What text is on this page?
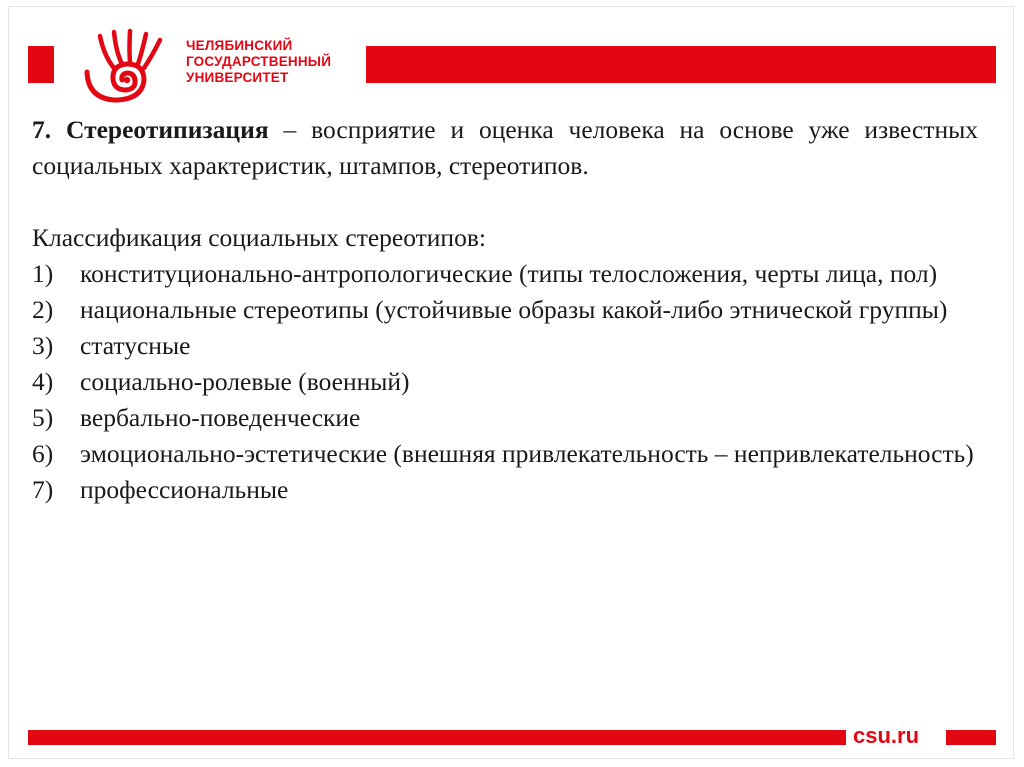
ЧЕЛЯБИНСКИЙ
ГОСУДАРСТВЕННЫЙ
УНИВЕРСИТЕТ

7. Стереотипизация – восприятие и оценка человека на основе уже известных социальных характеристик, штампов, стереотипов.

Классификация социальных стереотипов:
1)	конституционально-антропологические (типы телосложения, черты лица, пол)
2)	национальные стереотипы (устойчивые образы какой-либо этнической группы)
3)	статусные
4)	социально-ролевые (военный)
5)	вербально-поведенческие
6)	эмоционально-эстетические (внешняя привлекательность – непривлекательность)
7)	профессиональные
csu.ru
